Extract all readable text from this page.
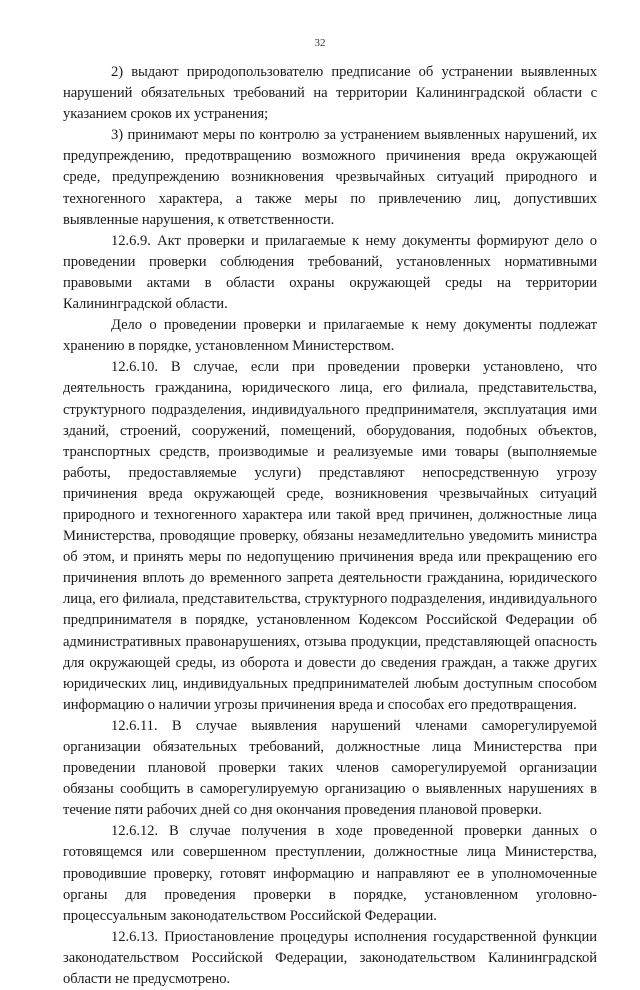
32

2) выдают природопользователю предписание об устранении выявленных нарушений обязательных требований на территории Калининградской области с указанием сроков их устранения;

3) принимают меры по контролю за устранением выявленных нарушений, их предупреждению, предотвращению возможного причинения вреда окружающей среде, предупреждению возникновения чрезвычайных ситуаций природного и техногенного характера, а также меры по привлечению лиц, допустивших выявленные нарушения, к ответственности.

12.6.9. Акт проверки и прилагаемые к нему документы формируют дело о проведении проверки соблюдения требований, установленных нормативными правовыми актами в области охраны окружающей среды на территории Калининградской области.

Дело о проведении проверки и прилагаемые к нему документы подлежат хранению в порядке, установленном Министерством.

12.6.10. В случае, если при проведении проверки установлено, что деятельность гражданина, юридического лица, его филиала, представительства, структурного подразделения, индивидуального предпринимателя, эксплуатация ими зданий, строений, сооружений, помещений, оборудования, подобных объектов, транспортных средств, производимые и реализуемые ими товары (выполняемые работы, предоставляемые услуги) представляют непосредственную угрозу причинения вреда окружающей среде, возникновения чрезвычайных ситуаций природного и техногенного характера или такой вред причинен, должностные лица Министерства, проводящие проверку, обязаны незамедлительно уведомить министра об этом, и принять меры по недопущению причинения вреда или прекращению его причинения вплоть до временного запрета деятельности гражданина, юридического лица, его филиала, представительства, структурного подразделения, индивидуального предпринимателя в порядке, установленном Кодексом Российской Федерации об административных правонарушениях, отзыва продукции, представляющей опасность для окружающей среды, из оборота и довести до сведения граждан, а также других юридических лиц, индивидуальных предпринимателей любым доступным способом информацию о наличии угрозы причинения вреда и способах его предотвращения.

12.6.11. В случае выявления нарушений членами саморегулируемой организации обязательных требований, должностные лица Министерства при проведении плановой проверки таких членов саморегулируемой организации обязаны сообщить в саморегулируемую организацию о выявленных нарушениях в течение пяти рабочих дней со дня окончания проведения плановой проверки.

12.6.12. В случае получения в ходе проведенной проверки данных о готовящемся или совершенном преступлении, должностные лица Министерства, проводившие проверку, готовят информацию и направляют ее в уполномоченные органы для проведения проверки в порядке, установленном уголовно-процессуальным законодательством Российской Федерации.

12.6.13. Приостановление процедуры исполнения государственной функции законодательством Российской Федерации, законодательством Калининградской области не предусмотрено.
